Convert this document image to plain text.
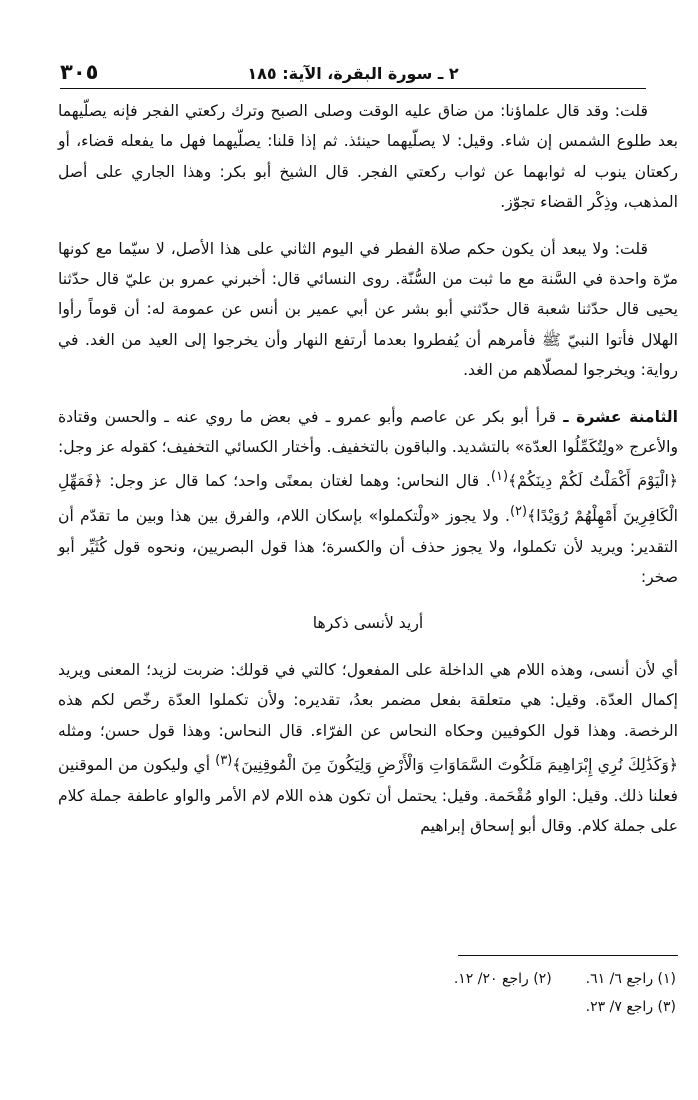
٢ ـ سورة البقرة، الآية: ١٨٥
٣٠٥

قلت: وقد قال علماؤنا: من ضاق عليه الوقت وصلى الصبح وترك ركعتي الفجر فإنه يصلّيهما بعد طلوع الشمس إن شاء. وقيل: لا يصلّيهما حينئذ. ثم إذا قلنا: يصلّيهما فهل ما يفعله قضاء، أو ركعتان ينوب له ثوابهما عن ثواب ركعتي الفجر. قال الشيخ أبو بكر: وهذا الجاري على أصل المذهب، وذِكْر القضاء تجوّز.

قلت: ولا يبعد أن يكون حكم صلاة الفطر في اليوم الثاني على هذا الأصل، لا سيّما مع كونها مرّة واحدة في السَّنة مع ما ثبت من السُّنّة. روى النسائي قال: أخبرني عمرو بن عليّ قال حدّثنا يحيى قال حدّثنا شعبة قال حدّثني أبو بشر عن أبي عمير بن أنس عن عمومة له: أن قوماً رأوا الهلال فأتوا النبيّ ﷺ فأمرهم أن يُفطروا بعدما أرتفع النهار وأن يخرجوا إلى العيد من الغد. في رواية: ويخرجوا لمصلّاهم من الغد.

الثامنة عشرة ـ قرأ أبو بكر عن عاصم وأبو عمرو ـ في بعض ما روي عنه ـ والحسن وقتادة والأعرج «ولِتُكَمِّلُوا العدّة» بالتشديد. والباقون بالتخفيف. وأختار الكسائي التخفيف؛ كقوله عز وجل: ﴿الْيَوْمَ أَكْمَلْتُ لَكُمْ دِينَكُمْ﴾$^{(١)}$. قال النحاس: وهما لغتان بمعنًى واحد؛ كما قال عز وجل: ﴿فَمَهِّلِ الْكَافِرِينَ أَمْهِلْهُمْ رُوَيْدًا﴾$^{(٢)}$. ولا يجوز «ولْتكملوا» بإسكان اللام، والفرق بين هذا وبين ما تقدّم أن التقدير: ويريد لأن تكملوا، ولا يجوز حذف أن والكسرة؛ هذا قول البصريين، ونحوه قول كُثَيِّر أبو صخر:

أريد لأنسى ذكرها

أي لأن أنسى، وهذه اللام هي الداخلة على المفعول؛ كالتي في قولك: ضربت لزيد؛ المعنى ويريد إكمال العدّة. وقيل: هي متعلقة بفعل مضمر بعدُ، تقديره: ولأن تكملوا العدّة رخّص لكم هذه الرخصة. وهذا قول الكوفيين وحكاه النحاس عن الفرّاء. قال النحاس: وهذا قول حسن؛ ومثله ﴿وَكَذَٰلِكَ نُرِي إِبْرَاهِيمَ مَلَكُوتَ السَّمَاوَاتِ وَالْأَرْضِ وَلِيَكُونَ مِنَ الْمُوقِنِينَ﴾$^{(٣)}$ أي وليكون من الموقنين فعلنا ذلك. وقيل: الواو مُقْحَمة. وقيل: يحتمل أن تكون هذه اللام لام الأمر والواو عاطفة جملة كلام على جملة كلام. وقال أبو إسحاق إبراهيم

(١) راجع ٦/ ٦١.
(٢) راجع ٢٠/ ١٢.
(٣) راجع ٧/ ٢٣.
